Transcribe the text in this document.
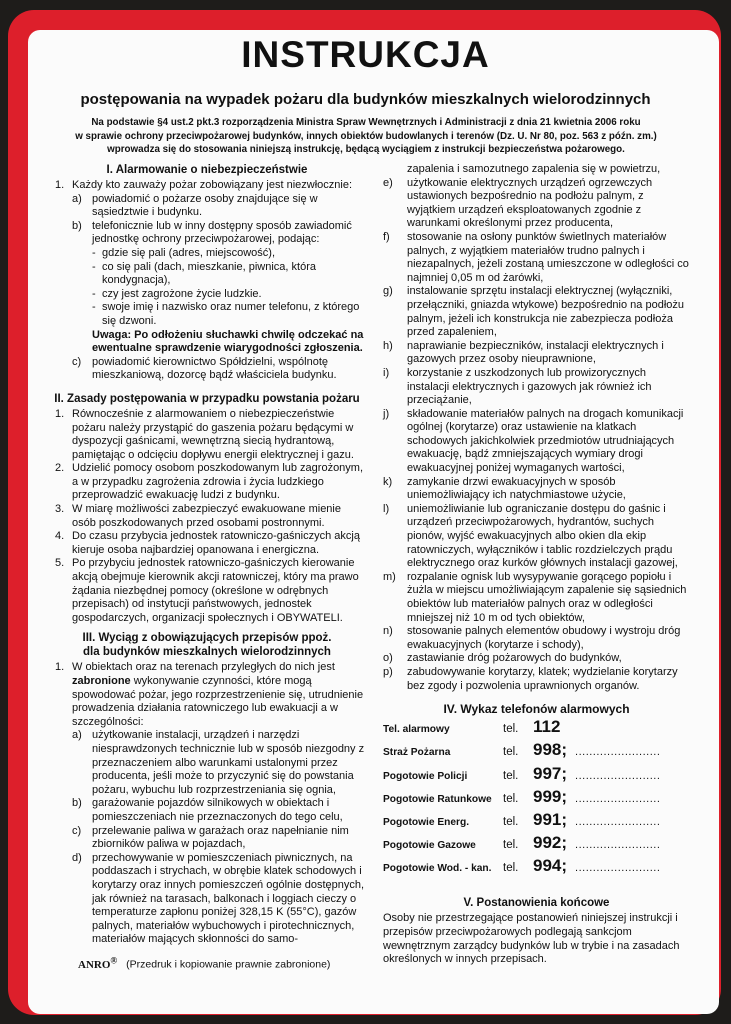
INSTRUKCJA

postępowania na wypadek pożaru dla budynków mieszkalnych wielorodzinnych

Na podstawie §4 ust.2 pkt.3 rozporządzenia Ministra Spraw Wewnętrznych i Administracji z dnia 21 kwietnia 2006 roku
w sprawie ochrony przeciwpożarowej budynków, innych obiektów budowlanych i terenów (Dz. U. Nr 80, poz. 563 z późn. zm.)
wprowadza się do stosowania niniejszą instrukcję, będącą wyciągiem z instrukcji bezpieczeństwa pożarowego.

I. Alarmowanie o niebezpieczeństwie

1. Każdy kto zauważy pożar zobowiązany jest niezwłocznie:

a) powiadomić o pożarze osoby znajdujące się w sąsiedztwie i budynku.

b) telefonicznie lub w inny dostępny sposób zawiadomić jednostkę ochrony przeciwpożarowej, podając:

- gdzie się pali (adres, miejscowość),

- co się pali (dach, mieszkanie, piwnica, która kondygnacja),

- czy jest zagrożone życie ludzkie.

- swoje imię i nazwisko oraz numer telefonu, z którego się dzwoni.

Uwaga: Po odłożeniu słuchawki chwilę odczekać na ewentualne sprawdzenie wiarygodności zgłoszenia.

c) powiadomić kierownictwo Spółdzielni, wspólnotę mieszkaniową, dozorcę bądź właściciela budynku.

II. Zasady postępowania w przypadku powstania pożaru

1. Równocześnie z alarmowaniem o niebezpieczeństwie pożaru należy przystąpić do gaszenia pożaru będącymi w dyspozycji gaśnicami, wewnętrzną siecią hydrantową, pamiętając o odcięciu dopływu energii elektrycznej i gazu.

2. Udzielić pomocy osobom poszkodowanym lub zagrożonym, a w przypadku zagrożenia zdrowia i życia ludzkiego przeprowadzić ewakuację ludzi z budynku.

3. W miarę możliwości zabezpieczyć ewakuowane mienie osób poszkodowanych przed osobami postronnymi.

4. Do czasu przybycia jednostek ratowniczo-gaśniczych akcją kieruje osoba najbardziej opanowana i energiczna.

5. Po przybyciu jednostek ratowniczo-gaśniczych kierowanie akcją obejmuje kierownik akcji ratowniczej, który ma prawo żądania niezbędnej pomocy (określone w odrębnych przepisach) od instytucji państwowych, jednostek gospodarczych, organizacji społecznych i OBYWATELI.

III. Wyciąg z obowiązujących przepisów ppoż.

dla budynków mieszkalnych wielorodzinnych

1. W obiektach oraz na terenach przyległych do nich jest zabronione wykonywanie czynności, które mogą spowodować pożar, jego rozprzestrzenienie się, utrudnienie prowadzenia działania ratowniczego lub ewakuacji a w szczególności:

a) użytkowanie instalacji, urządzeń i narzędzi niesprawdzonych technicznie lub w sposób niezgodny z przeznaczeniem albo warunkami ustalonymi przez producenta, jeśli może to przyczynić się do powstania pożaru, wybuchu lub rozprzestrzeniania się ognia,

b) garażowanie pojazdów silnikowych w obiektach i pomieszczeniach nie przeznaczonych do tego celu,

c) przelewanie paliwa w garażach oraz napełnianie nim zbiorników paliwa w pojazdach,

d) przechowywanie w pomieszczeniach piwnicznych, na poddaszach i strychach, w obrębie klatek schodowych i korytarzy oraz innych pomieszczeń ogólnie dostępnych, jak również na tarasach, balkonach i loggiach cieczy o temperaturze zapłonu poniżej 328,15 K (55°C), gazów palnych, materiałów wybuchowych i pirotechnicznych, materiałów mających skłonności do samo-

zapalenia i samozutnego zapalenia się w powietrzu,

e) użytkowanie elektrycznych urządzeń ogrzewczych ustawionych bezpośrednio na podłożu palnym, z wyjątkiem urządzeń eksploatowanych zgodnie z warunkami określonymi przez producenta,

f) stosowanie na osłony punktów świetlnych materiałów palnych, z wyjątkiem materiałów trudno palnych i niezapalnych, jeżeli zostaną umieszczone w odległości co najmniej 0,05 m od żarówki,

g) instalowanie sprzętu instalacji elektrycznej (wyłączniki, przełączniki, gniazda wtykowe) bezpośrednio na podłożu palnym, jeżeli ich konstrukcja nie zabezpiecza podłoża przed zapaleniem,

h) naprawianie bezpieczników, instalacji elektrycznych i gazowych przez osoby nieuprawnione,

i) korzystanie z uszkodzonych lub prowizorycznych instalacji elektrycznych i gazowych jak również ich przeciążanie,

j) składowanie materiałów palnych na drogach komunikacji ogólnej (korytarze) oraz ustawienie na klatkach schodowych jakichkolwiek przedmiotów utrudniających ewakuację, bądź zmniejszających wymiary drogi ewakuacyjnej poniżej wymaganych wartości,

k) zamykanie drzwi ewakuacyjnych w sposób uniemożliwiający ich natychmiastowe użycie,

l) uniemożliwianie lub ograniczanie dostępu do gaśnic i urządzeń przeciwpożarowych, hydrantów, suchych pionów, wyjść ewakuacyjnych albo okien dla ekip ratowniczych, wyłączników i tablic rozdzielczych prądu elektrycznego oraz kurków głównych instalacji gazowej,

m) rozpalanie ognisk lub wysypywanie gorącego popiołu i żużla w miejscu umożliwiającym zapalenie się sąsiednich obiektów lub materiałów palnych oraz w odległości mniejszej niż 10 m od tych obiektów,

n) stosowanie palnych elementów obudowy i wystroju dróg ewakuacyjnych (korytarze i schody),

o) zastawianie dróg pożarowych do budynków,

p) zabudowywanie korytarzy, klatek; wydzielanie korytarzy bez zgody i pozwolenia uprawnionych organów.

IV. Wykaz telefonów alarmowych

Tel. alarmowy	tel. 112
Straż Pożarna	tel. 998; ........................
Pogotowie Policji	tel. 997; ........................
Pogotowie Ratunkowe tel. 999; ........................
Pogotowie Energ.	tel. 991; ........................
Pogotowie Gazowe	tel. 992; ........................
Pogotowie Wod. - kan.	tel. 994; ........................

V. Postanowienia końcowe

Osoby nie przestrzegające postanowień niniejszej instrukcji i przepisów przeciwpożarowych podlegają sankcjom wewnętrznym zarządcy budynków lub w trybie i na zasadach określonych w innych przepisach.

ANRO® (Przedruk i kopiowanie prawnie zabronione)
